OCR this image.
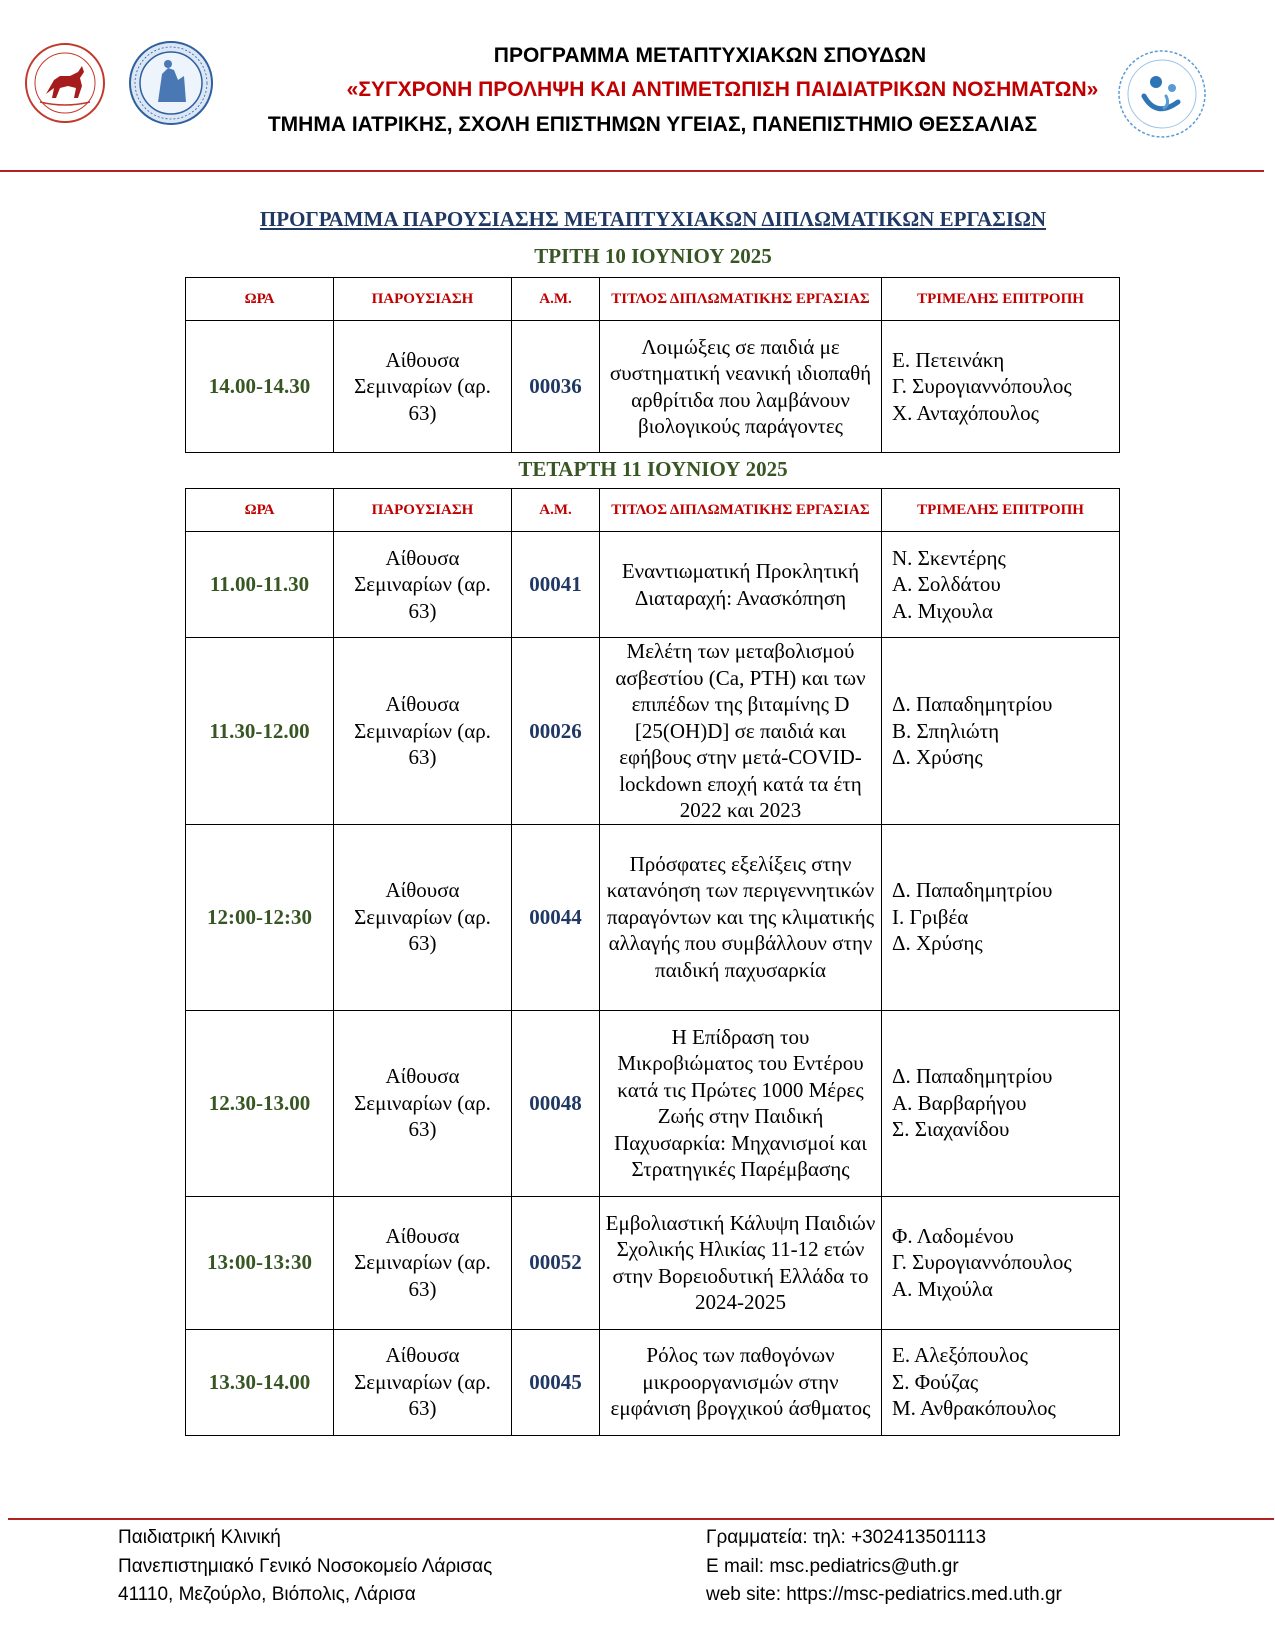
ΠΡΟΓΡΑΜΜΑ ΜΕΤΑΠΤΥΧΙΑΚΩΝ ΣΠΟΥΔΩΝ
«ΣΥΓΧΡΟΝΗ ΠΡΟΛΗΨΗ ΚΑΙ ΑΝΤΙΜΕΤΩΠΙΣΗ ΠΑΙΔΙΑΤΡΙΚΩΝ ΝΟΣΗΜΑΤΩΝ»
ΤΜΗΜΑ ΙΑΤΡΙΚΗΣ, ΣΧΟΛΗ ΕΠΙΣΤΗΜΩΝ ΥΓΕΙΑΣ, ΠΑΝΕΠΙΣΤΗΜΙΟ ΘΕΣΣΑΛΙΑΣ
ΠΡΟΓΡΑΜΜΑ ΠΑΡΟΥΣΙΑΣΗΣ ΜΕΤΑΠΤΥΧΙΑΚΩΝ ΔΙΠΛΩΜΑΤΙΚΩΝ ΕΡΓΑΣΙΩΝ
ΤΡΙΤΗ 10 ΙΟΥΝΙΟΥ 2025
ΩΡΑ	ΠΑΡΟΥΣΙΑΣΗ	Α.Μ.	ΤΙΤΛΟΣ ΔΙΠΛΩΜΑΤΙΚΗΣ ΕΡΓΑΣΙΑΣ	ΤΡΙΜΕΛΗΣ ΕΠΙΤΡΟΠΗ
14.00-14.30	Αίθουσα Σεμιναρίων (αρ. 63)	00036	Λοιμώξεις σε παιδιά με συστηματική νεανική ιδιοπαθή αρθρίτιδα που λαμβάνουν βιολογικούς παράγοντες	Ε. Πετεινάκη
Γ. Συρογιαννόπουλος
Χ. Ανταχόπουλος
ΤΕΤΑΡΤΗ 11 ΙΟΥΝΙΟΥ 2025
ΩΡΑ	ΠΑΡΟΥΣΙΑΣΗ	Α.Μ.	ΤΙΤΛΟΣ ΔΙΠΛΩΜΑΤΙΚΗΣ ΕΡΓΑΣΙΑΣ	ΤΡΙΜΕΛΗΣ ΕΠΙΤΡΟΠΗ
11.00-11.30	Αίθουσα Σεμιναρίων (αρ. 63)	00041	Εναντιωματική Προκλητική Διαταραχή: Ανασκόπηση	Ν. Σκεντέρης
Α. Σολδάτου
Α. Μιχουλα

11.30-12.00	Αίθουσα Σεμιναρίων (αρ. 63)	00026	Μελέτη των μεταβολισμού ασβεστίου (Ca, PTH) και των επιπέδων της βιταμίνης D [25(OH)D] σε παιδιά και εφήβους στην μετά-COVID-lockdown εποχή κατά τα έτη 2022 και 2023	Δ. Παπαδημητρίου
Β. Σπηλιώτη
Δ. Χρύσης

12:00-12:30	Αίθουσα Σεμιναρίων (αρ. 63)	00044	Πρόσφατες εξελίξεις στην κατανόηση των περιγεννητικών παραγόντων και της κλιματικής αλλαγής που συμβάλλουν στην παιδική παχυσαρκία	Δ. Παπαδημητρίου
Ι. Γριβέα
Δ. Χρύσης

12.30-13.00	Αίθουσα Σεμιναρίων (αρ. 63)	00048	Η Επίδραση του Μικροβιώματος του Εντέρου κατά τις Πρώτες 1000 Μέρες Ζωής στην Παιδική Παχυσαρκία: Μηχανισμοί και Στρατηγικές Παρέμβασης	Δ. Παπαδημητρίου
Α. Βαρβαρήγου
Σ. Σιαχανίδου

13:00-13:30	Αίθουσα Σεμιναρίων (αρ. 63)	00052	Εμβολιαστική Κάλυψη Παιδιών Σχολικής Ηλικίας 11-12 ετών στην Βορειοδυτική Ελλάδα το 2024-2025	Φ. Λαδομένου
Γ. Συρογιαννόπουλος
Α. Μιχούλα

13.30-14.00	Αίθουσα Σεμιναρίων (αρ. 63)	00045	Ρόλος των παθογόνων μικροοργανισμών στην εμφάνιση βρογχικού άσθματος	Ε. Αλεξόπουλος
Σ. Φούζας
Μ. Ανθρακόπουλος
Παιδιατρική Κλινική
Πανεπιστημιακό Γενικό Νοσοκομείο Λάρισας
41110, Μεζούρλο, Βιόπολις, Λάρισα
Γραμματεία: τηλ: +302413501113
E mail: msc.pediatrics@uth.gr
web site: https://msc-pediatrics.med.uth.gr
